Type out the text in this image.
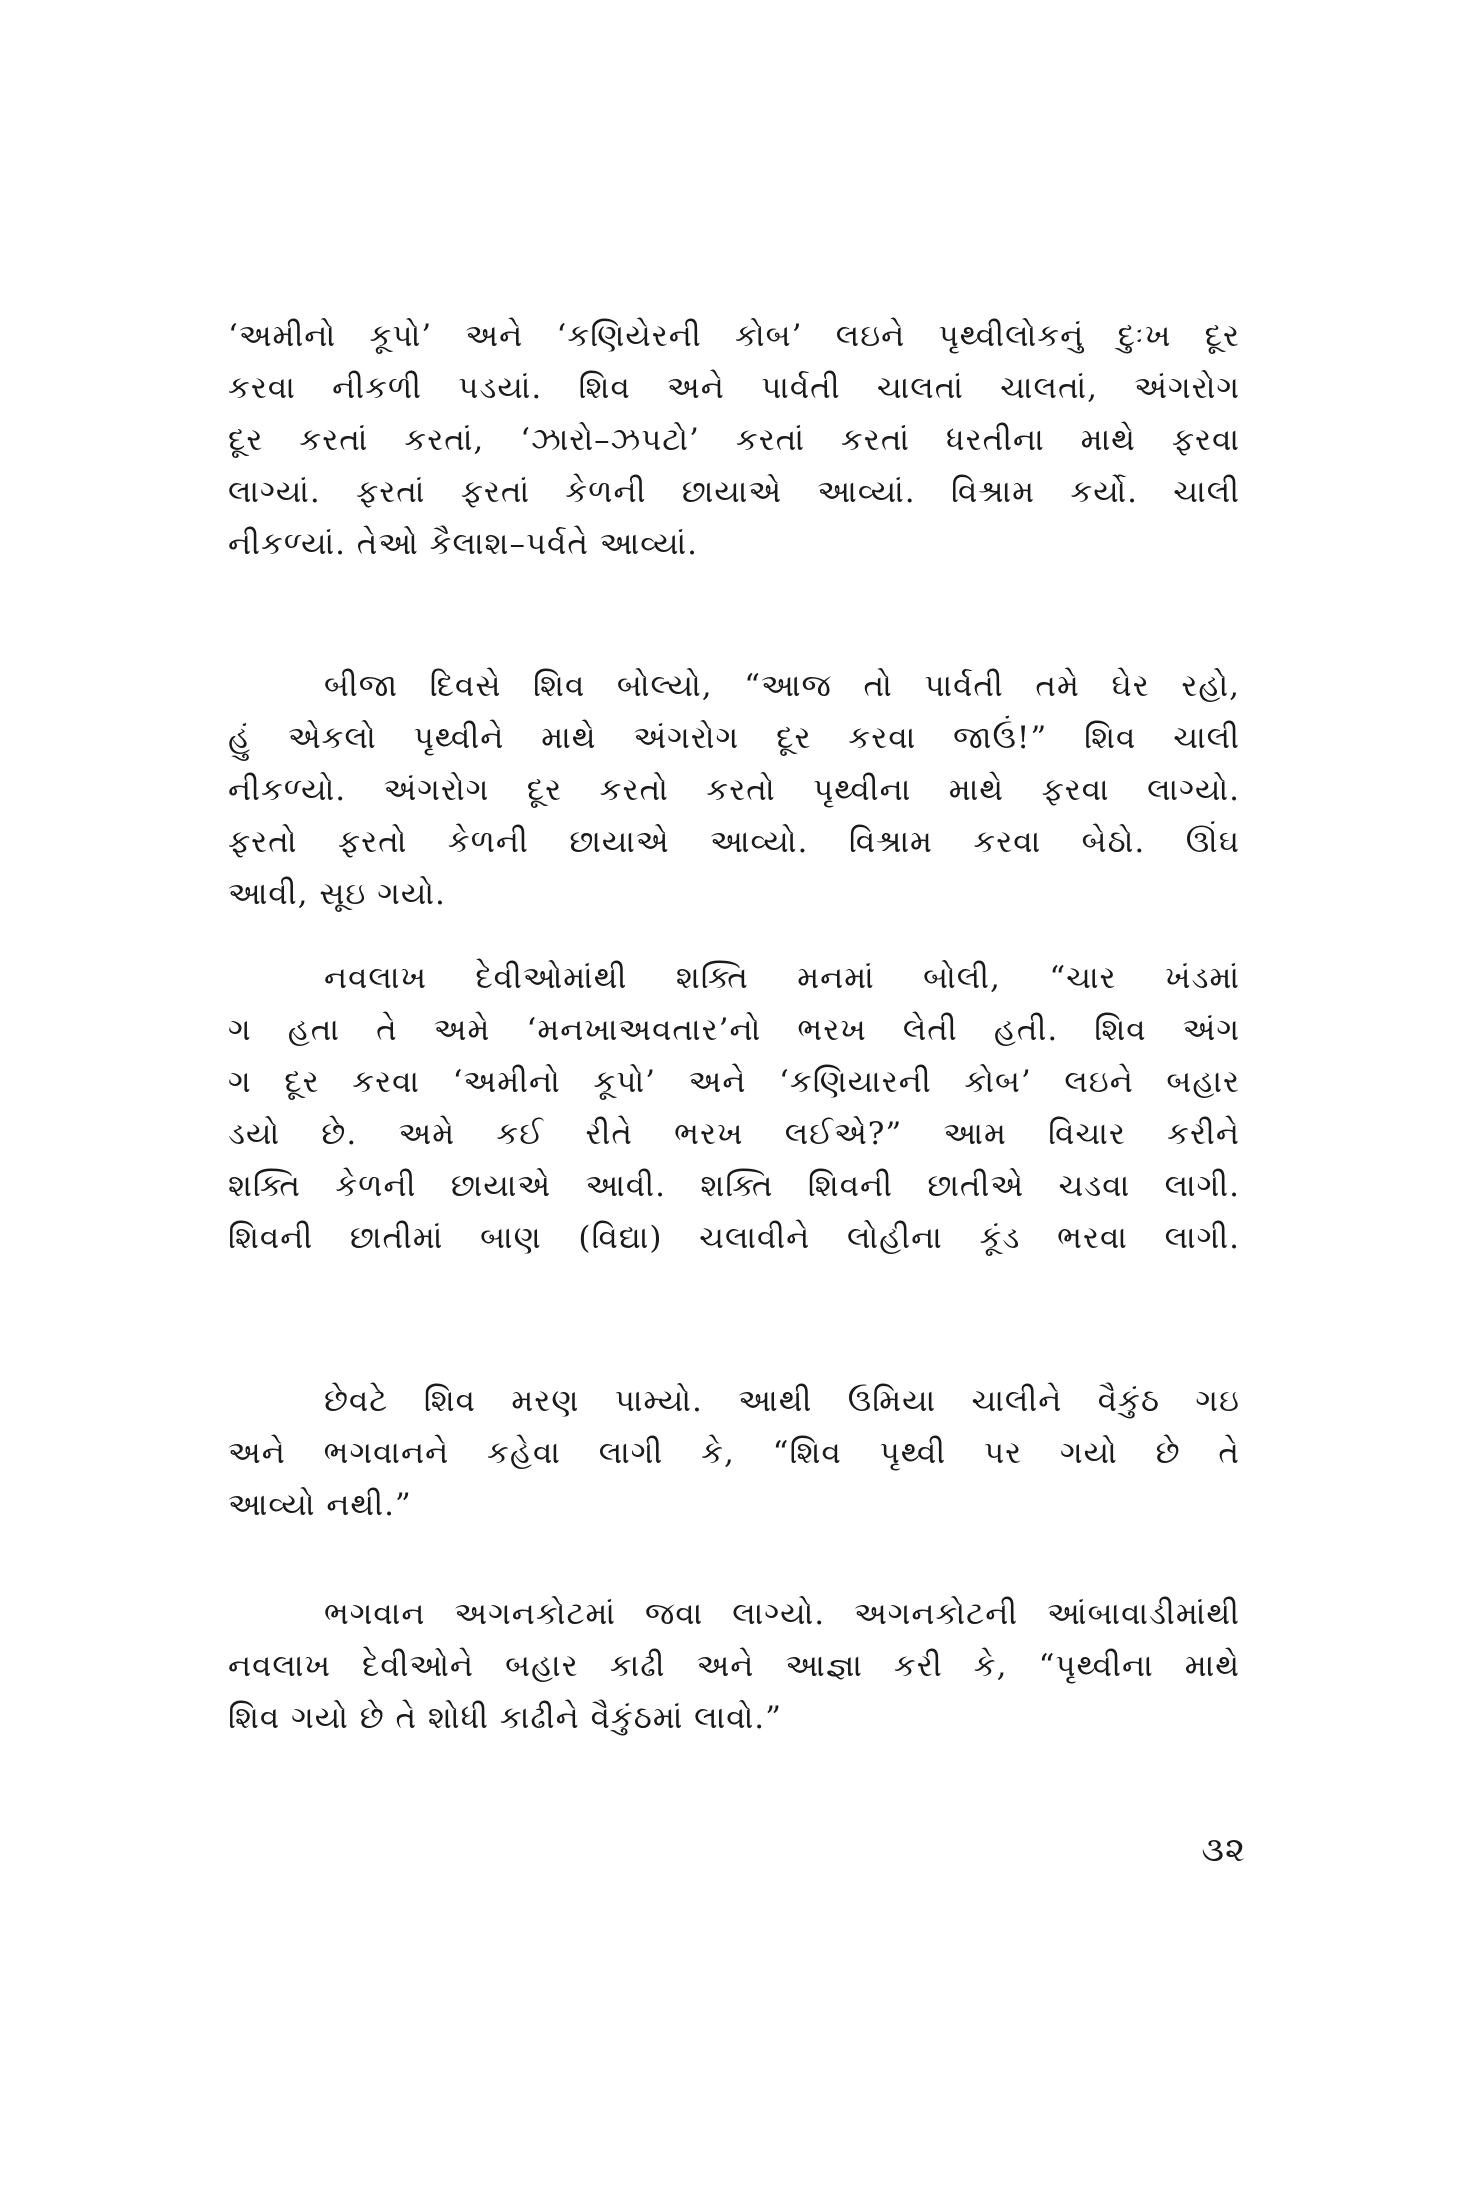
‘અમીનો કૂપો’ અને ‘કણિયેરની કોબ’ લઇને પૃથ્વીલોકનું દુઃખ દૂર
કરવા નીકળી પડયાં. શિવ અને પાર્વતી ચાલતાં ચાલતાં, અંગરોગ
દૂર કરતાં કરતાં, ‘ઝારો–ઝપટો’ કરતાં કરતાં ધરતીના માથે ફરવા
લાગ્યાં. ફરતાં ફરતાં કેળની છાયાએ આવ્યાં. વિશ્રામ કર્યો. ચાલી
નીકળ્યાં. તેઓ કૈલાશ–પર્વતે આવ્યાં.
બીજા દિવસે શિવ બોલ્યો, “આજ તો પાર્વતી તમે ઘેર રહો,
હું એકલો પૃથ્વીને માથે અંગરોગ દૂર કરવા જાઉં!” શિવ ચાલી
નીકળ્યો. અંગરોગ દૂર કરતો કરતો પૃથ્વીના માથે ફરવા લાગ્યો.
ફરતો ફરતો કેળની છાયાએ આવ્યો. વિશ્રામ કરવા બેઠો. ઊંઘ
આવી, સૂઇ ગયો.
નવલાખ દેવીઓમાંથી શક્તિ મનમાં બોલી, “ચાર ખંડમાં
ગ હતા તે અમે ‘મનખાઅવતાર’નો ભરખ લેતી હતી. શિવ અંગ
ગ દૂર કરવા ‘અમીનો કૂપો’ અને ‘કણિયારની કોબ’ લઇને બહાર
ડયો છે. અમે કઈ રીતે ભરખ લઈએ?” આમ વિચાર કરીને
શક્તિ કેળની છાયાએ આવી. શક્તિ શિવની છાતીએ ચડવા લાગી.
શિવની છાતીમાં બાણ (વિદ્યા) ચલાવીને લોહીના કૂંડ ભરવા લાગી.
છેવટે શિવ મરણ પામ્યો. આથી ઉમિયા ચાલીને વૈકુંઠ ગઇ
અને ભગવાનને કહેવા લાગી કે, “શિવ પૃથ્વી પર ગયો છે તે
આવ્યો નથી.”
ભગવાન અગનકોટમાં જવા લાગ્યો. અગનકોટની આંબાવાડીમાંથી
નવલાખ દેવીઓને બહાર કાઢી અને આજ્ઞા કરી કે, “પૃથ્વીના માથે
શિવ ગયો છે તે શોધી કાઢીને વૈકુંઠમાં લાવો.”
૩૨
